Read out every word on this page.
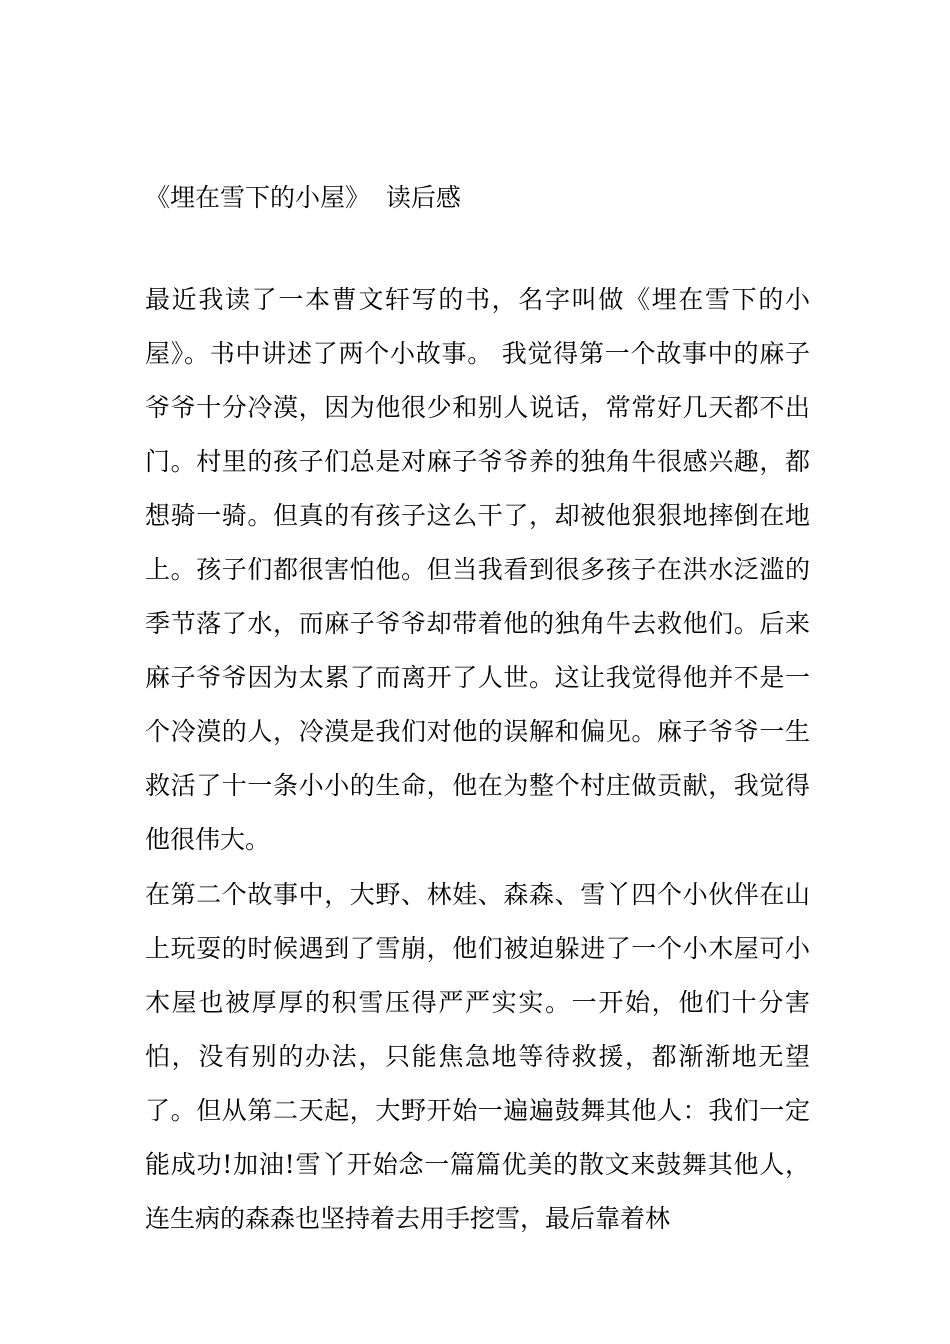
《埋在雪下的小屋》  读后感

最近我读了一本曹文轩写的书，名字叫做《埋在雪下的小屋》。书中讲述了两个小故事。 我觉得第一个故事中的麻子爷爷十分冷漠，因为他很少和别人说话，常常好几天都不出门。村里的孩子们总是对麻子爷爷养的独角牛很感兴趣，都想骑一骑。但真的有孩子这么干了，却被他狠狠地摔倒在地上。孩子们都很害怕他。但当我看到很多孩子在洪水泛滥的季节落了水，而麻子爷爷却带着他的独角牛去救他们。后来麻子爷爷因为太累了而离开了人世。这让我觉得他并不是一个冷漠的人，冷漠是我们对他的误解和偏见。麻子爷爷一生救活了十一条小小的生命，他在为整个村庄做贡献，我觉得他很伟大。

在第二个故事中，大野、林娃、森森、雪丫四个小伙伴在山上玩耍的时候遇到了雪崩，他们被迫躲进了一个小木屋可小木屋也被厚厚的积雪压得严严实实。一开始，他们十分害怕，没有别的办法，只能焦急地等待救援，都渐渐地无望了。但从第二天起，大野开始一遍遍鼓舞其他人：我们一定能成功!加油!雪丫开始念一篇篇优美的散文来鼓舞其他人，连生病的森森也坚持着去用手挖雪，最后靠着林
